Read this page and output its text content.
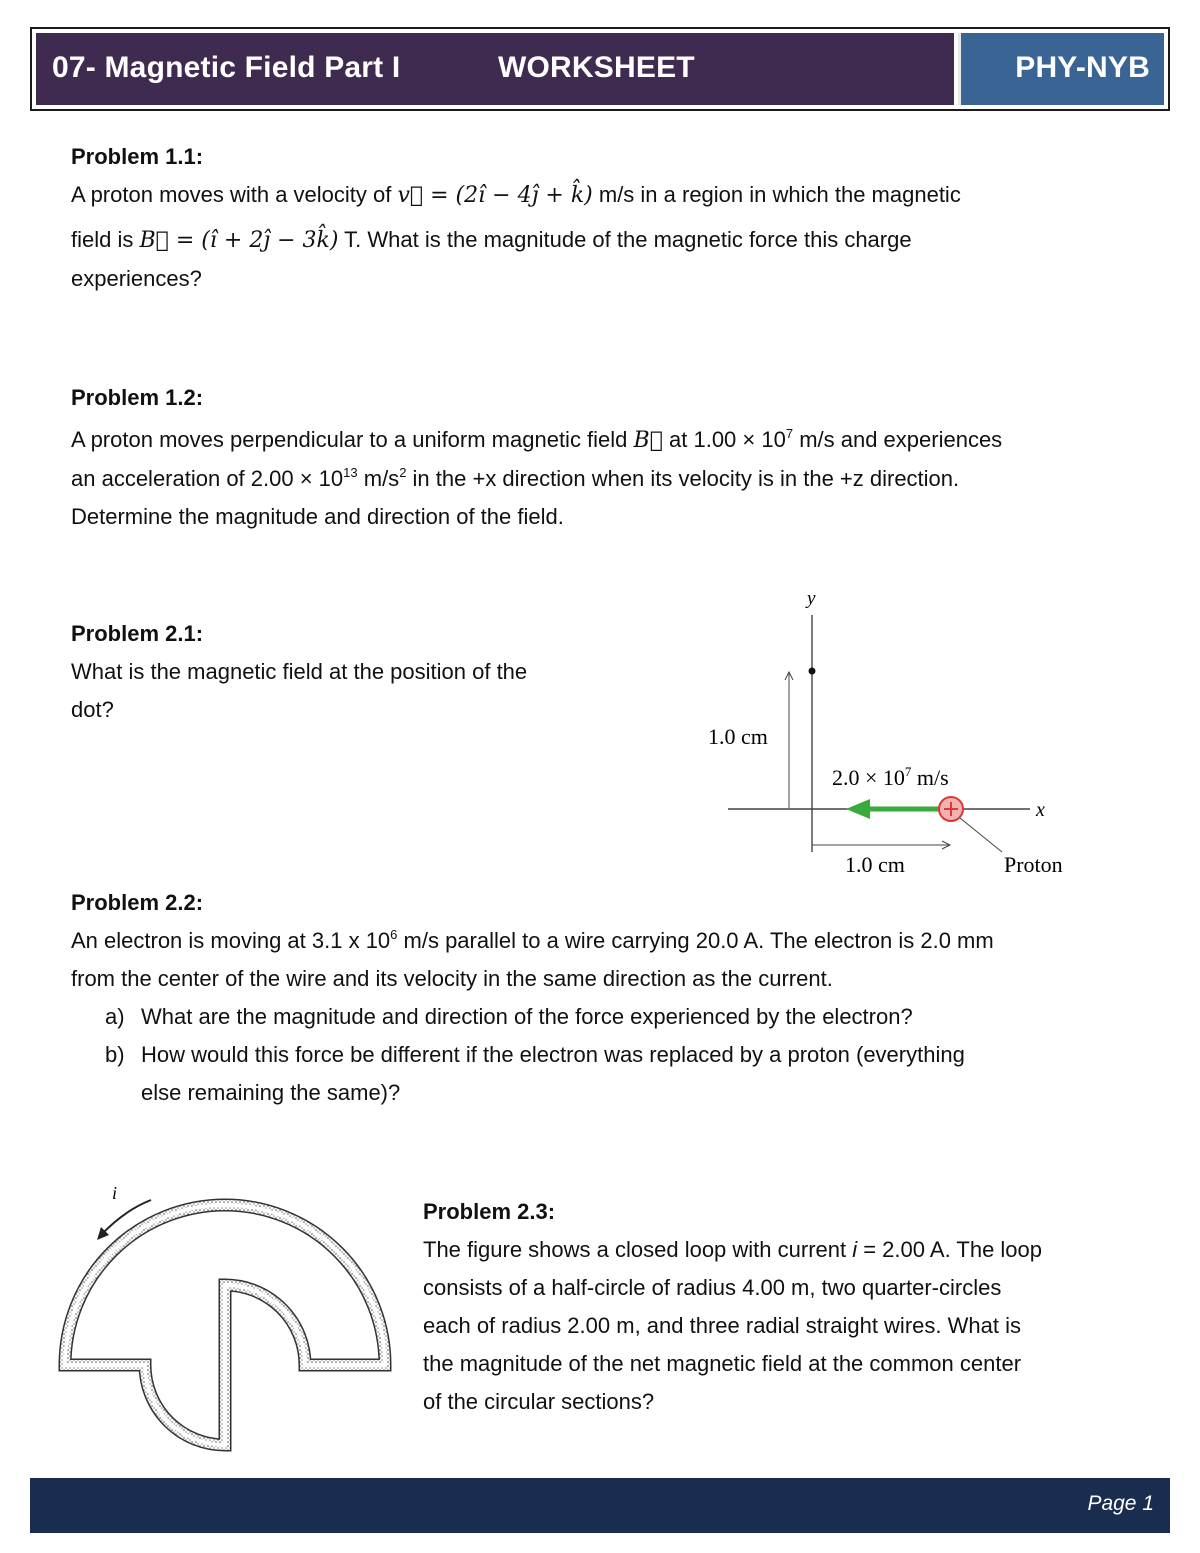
07- Magnetic Field Part I	WORKSHEET	PHY-NYB

Problem 1.1:

A proton moves with a velocity of v⃗ = (2î − 4ĵ + k̂) m/s in a region in which the magnetic

field is B⃗ = (î + 2ĵ − 3k̂) T. What is the magnitude of the magnetic force this charge

experiences?

Problem 1.2:

A proton moves perpendicular to a uniform magnetic field B⃗ at $1.00 \times 10^7$ m/s and experiences

an acceleration of $2.00 \times 10^{13}$ $m/s^2$ in the +x direction when its velocity is in the +z direction.

Determine the magnitude and direction of the field.

Problem 2.1:

What is the magnetic field at the position of the

dot?

y
x
1.0 cm
1.0 cm
$2.0 \times 10^7$ m/s
Proton

Problem 2.2:

An electron is moving at 3.1 x $10^6$ m/s parallel to a wire carrying 20.0 A. The electron is 2.0 mm

from the center of the wire and its velocity in the same direction as the current.

a) What are the magnitude and direction of the force experienced by the electron?
b) How would this force be different if the electron was replaced by a proton (everything
else remaining the same)?
i

Problem 2.3:

The figure shows a closed loop with current i = 2.00 A. The loop

consists of a half-circle of radius 4.00 m, two quarter-circles

each of radius 2.00 m, and three radial straight wires. What is

the magnitude of the net magnetic field at the common center

of the circular sections?

Page 1
